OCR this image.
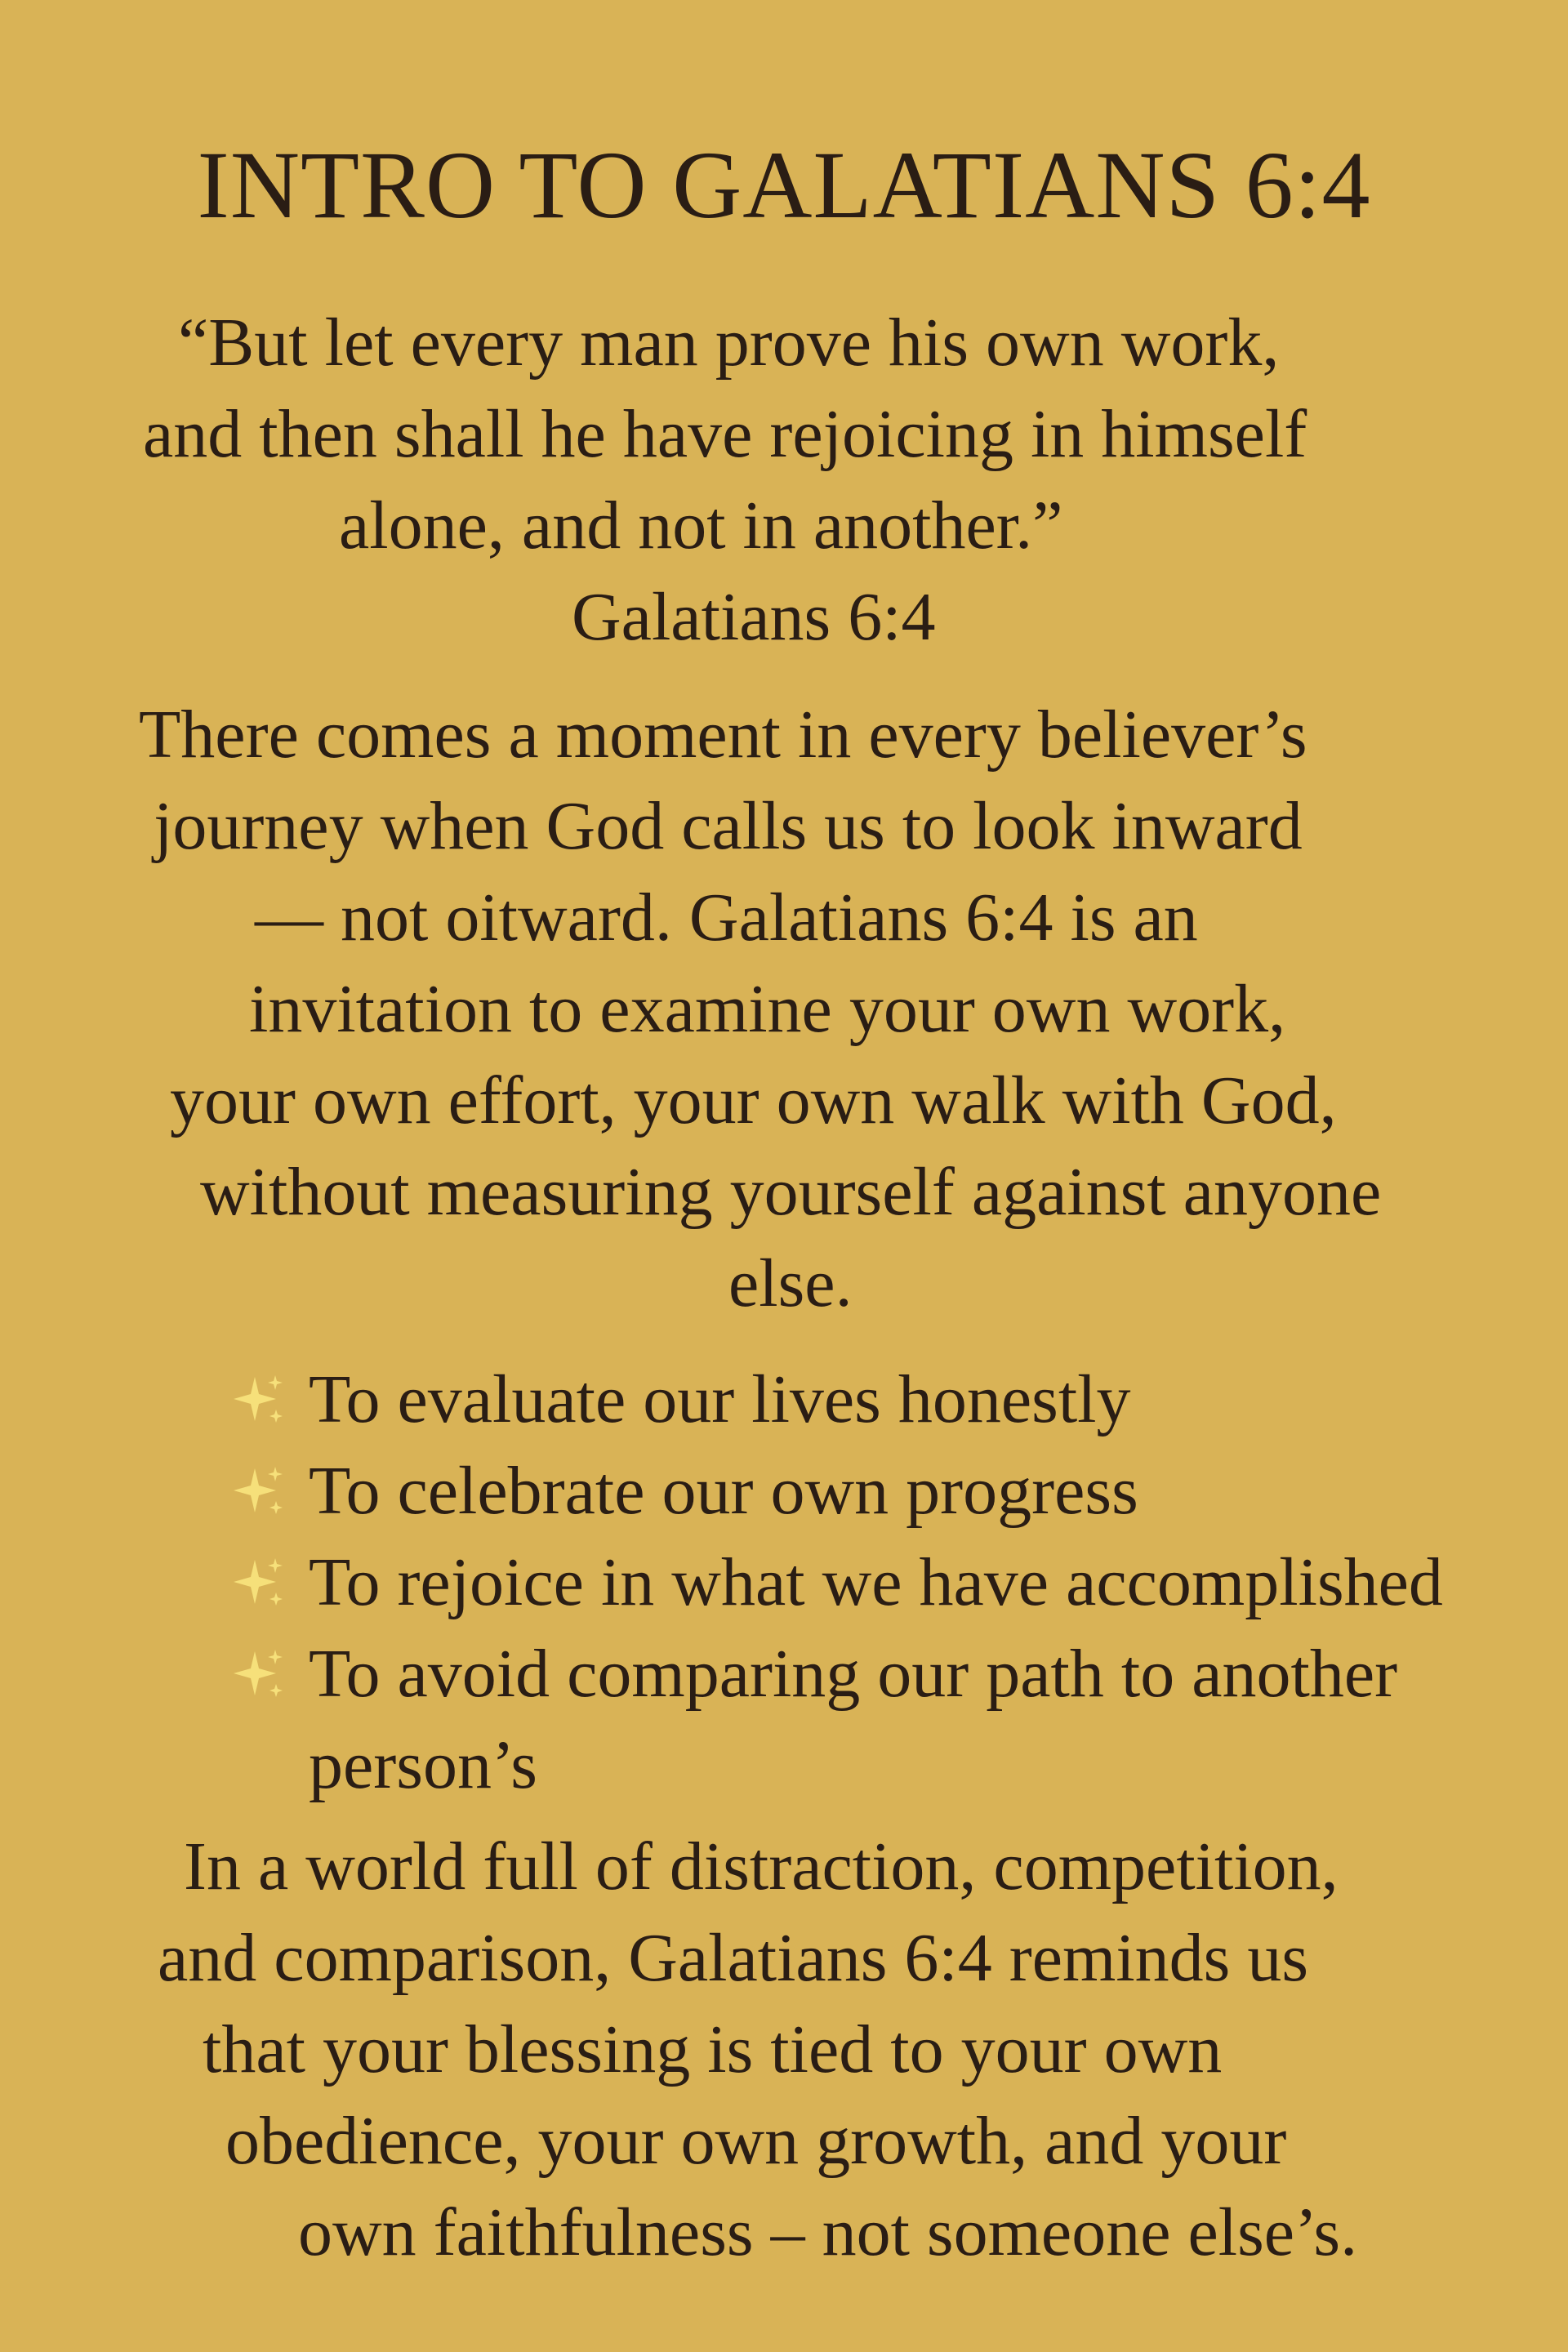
INTRO TO GALATIANS 6:4
“But let every man prove his own work,
and then shall he have rejoicing in himself
alone, and not in another.”
Galatians 6:4
There comes a moment in every believer’s
journey when God calls us to look inward
— not oitward. Galatians 6:4 is an
invitation to examine your own work,
your own effort, your own walk with God,
without measuring yourself against anyone
else.
To evaluate our lives honestly
To celebrate our own progress
To rejoice in what we have accomplished
To avoid comparing our path to another
person’s
In a world full of distraction, competition,
and comparison, Galatians 6:4 reminds us
that your blessing is tied to your own
obedience, your own growth, and your
own faithfulness – not someone else’s.
